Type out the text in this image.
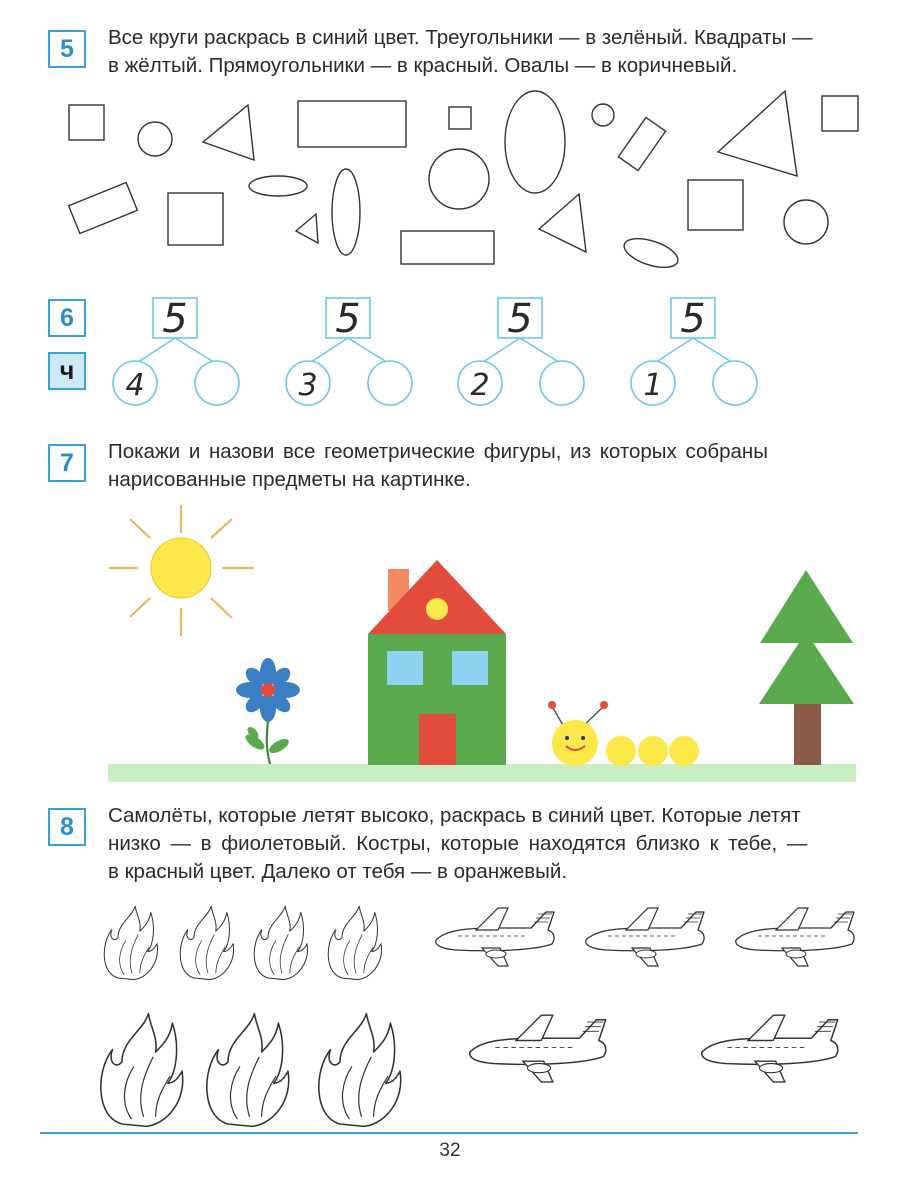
5	Все круги раскрась в синий цвет. Треугольники — в зелёный. Квадраты —
в жёлтый. Прямоугольники — в красный. Овалы — в коричневый.
6
ч
5
4
5
3
5
2
5
1
7	Покажи и назови все геометрические фигуры, из которых собраны
нарисованные предметы на картинке.
8	Самолёты, которые летят высоко, раскрась в синий цвет. Которые летят
низко — в фиолетовый. Костры, которые находятся близко к тебе, —
в красный цвет. Далеко от тебя — в оранжевый.
32
